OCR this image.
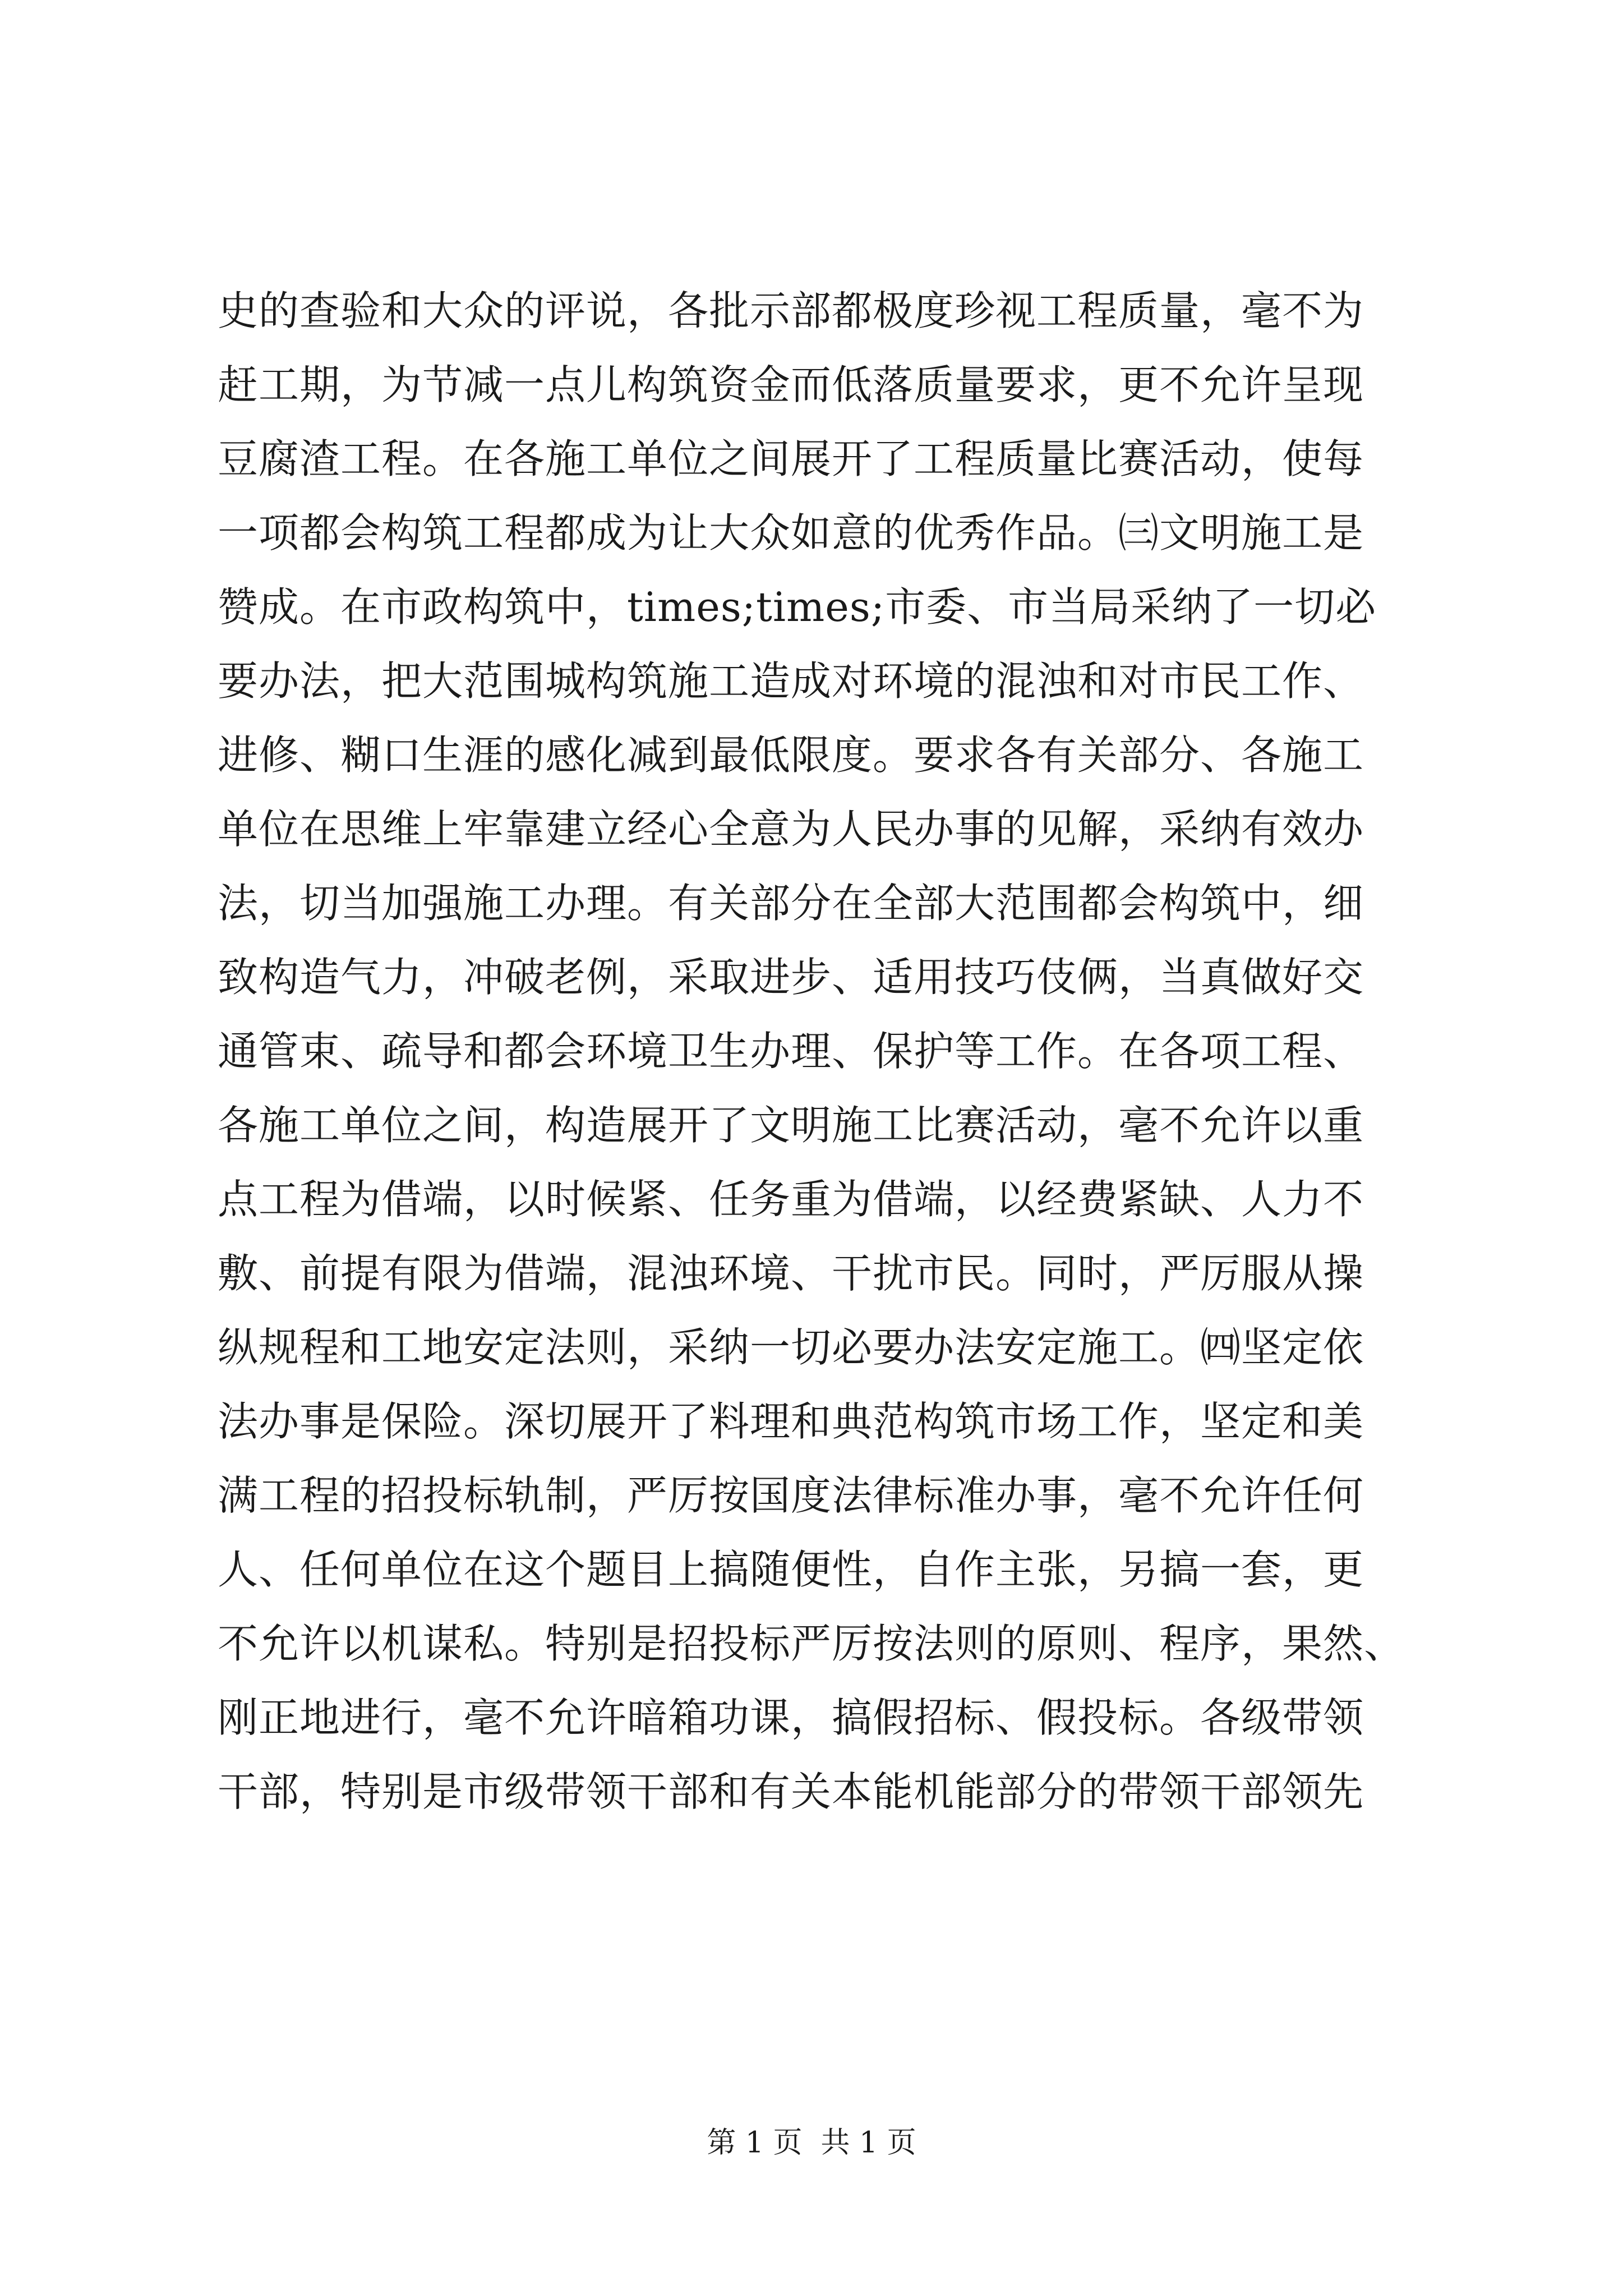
史的查验和大众的评说，各批示部都极度珍视工程质量，毫不为
赶工期，为节减一点儿构筑资金而低落质量要求，更不允许呈现
豆腐渣工程。在各施工单位之间展开了工程质量比赛活动，使每
一项都会构筑工程都成为让大众如意的优秀作品。㈢文明施工是
赞成。在市政构筑中，times;times;市委、市当局采纳了一切必
要办法，把大范围城构筑施工造成对环境的混浊和对市民工作、
进修、糊口生涯的感化减到最低限度。要求各有关部分、各施工
单位在思维上牢靠建立经心全意为人民办事的见解，采纳有效办
法，切当加强施工办理。有关部分在全部大范围都会构筑中，细
致构造气力，冲破老例，采取进步、适用技巧伎俩，当真做好交
通管束、疏导和都会环境卫生办理、保护等工作。在各项工程、
各施工单位之间，构造展开了文明施工比赛活动，毫不允许以重
点工程为借端，以时候紧、任务重为借端，以经费紧缺、人力不
敷、前提有限为借端，混浊环境、干扰市民。同时，严厉服从操
纵规程和工地安定法则，采纳一切必要办法安定施工。㈣坚定依
法办事是保险。深切展开了料理和典范构筑市场工作，坚定和美
满工程的招投标轨制，严厉按国度法律标准办事，毫不允许任何
人、任何单位在这个题目上搞随便性，自作主张，另搞一套，更
不允许以机谋私。特别是招投标严厉按法则的原则、程序，果然、
刚正地进行，毫不允许暗箱功课，搞假招标、假投标。各级带领
干部，特别是市级带领干部和有关本能机能部分的带领干部领先
第 1 页  共 1 页
